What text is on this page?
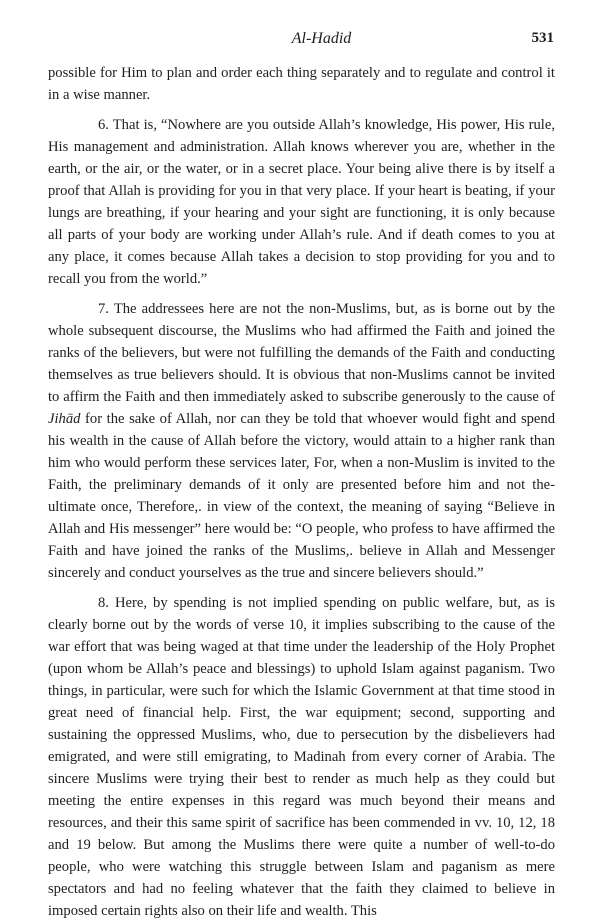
Al-Hadid	531

possible for Him to plan and order each thing separately and to regulate and control it in a wise manner.

6. That is, “Nowhere are you outside Allah’s knowledge, His power, His rule, His management and administration. Allah knows wherever you are, whether in the earth, or the air, or the water, or in a secret place. Your being alive there is by itself a proof that Allah is providing for you in that very place. If your heart is beating, if your lungs are breathing, if your hearing and your sight are functioning, it is only because all parts of your body are working under Allah’s rule. And if death comes to you at any place, it comes because Allah takes a decision to stop providing for you and to recall you from the world.”

7. The addressees here are not the non-Muslims, but, as is borne out by the whole subsequent discourse, the Muslims who had affirmed the Faith and joined the ranks of the believers, but were not fulfilling the demands of the Faith and conducting themselves as true believers should. It is obvious that non-Muslims cannot be invited to affirm the Faith and then immediately asked to subscribe generously to the cause of Jihād for the sake of Allah, nor can they be told that whoever would fight and spend his wealth in the cause of Allah before the victory, would attain to a higher rank than him who would perform these services later, For, when a non-Muslim is invited to the Faith, the preliminary demands of it only are presented before him and not the-ultimate once, Therefore,. in view of the context, the meaning of saying “Believe in Allah and His messenger” here would be: “O people, who profess to have affirmed the Faith and have joined the ranks of the Muslims,. believe in Allah and Messenger sincerely and conduct yourselves as the true and sincere believers should.”

8. Here, by spending is not implied spending on public welfare, but, as is clearly borne out by the words of verse 10, it implies subscribing to the cause of the war effort that was being waged at that time under the leadership of the Holy Prophet (upon whom be Allah’s peace and blessings) to uphold Islam against paganism. Two things, in particular, were such for which the Islamic Government at that time stood in great need of financial help. First, the war equipment; second, supporting and sustaining the oppressed Muslims, who, due to persecution by the disbelievers had emigrated, and were still emigrating, to Madinah from every corner of Arabia. The sincere Muslims were trying their best to render as much help as they could but meeting the entire expenses in this regard was much beyond their means and resources, and their this same spirit of sacrifice has been commended in vv. 10, 12, 18 and 19 below. But among the Muslims there were quite a number of well-to-do people, who were watching this struggle between Islam and paganism as mere spectators and had no feeling whatever that the faith they claimed to believe in imposed certain rights also on their life and wealth. This
